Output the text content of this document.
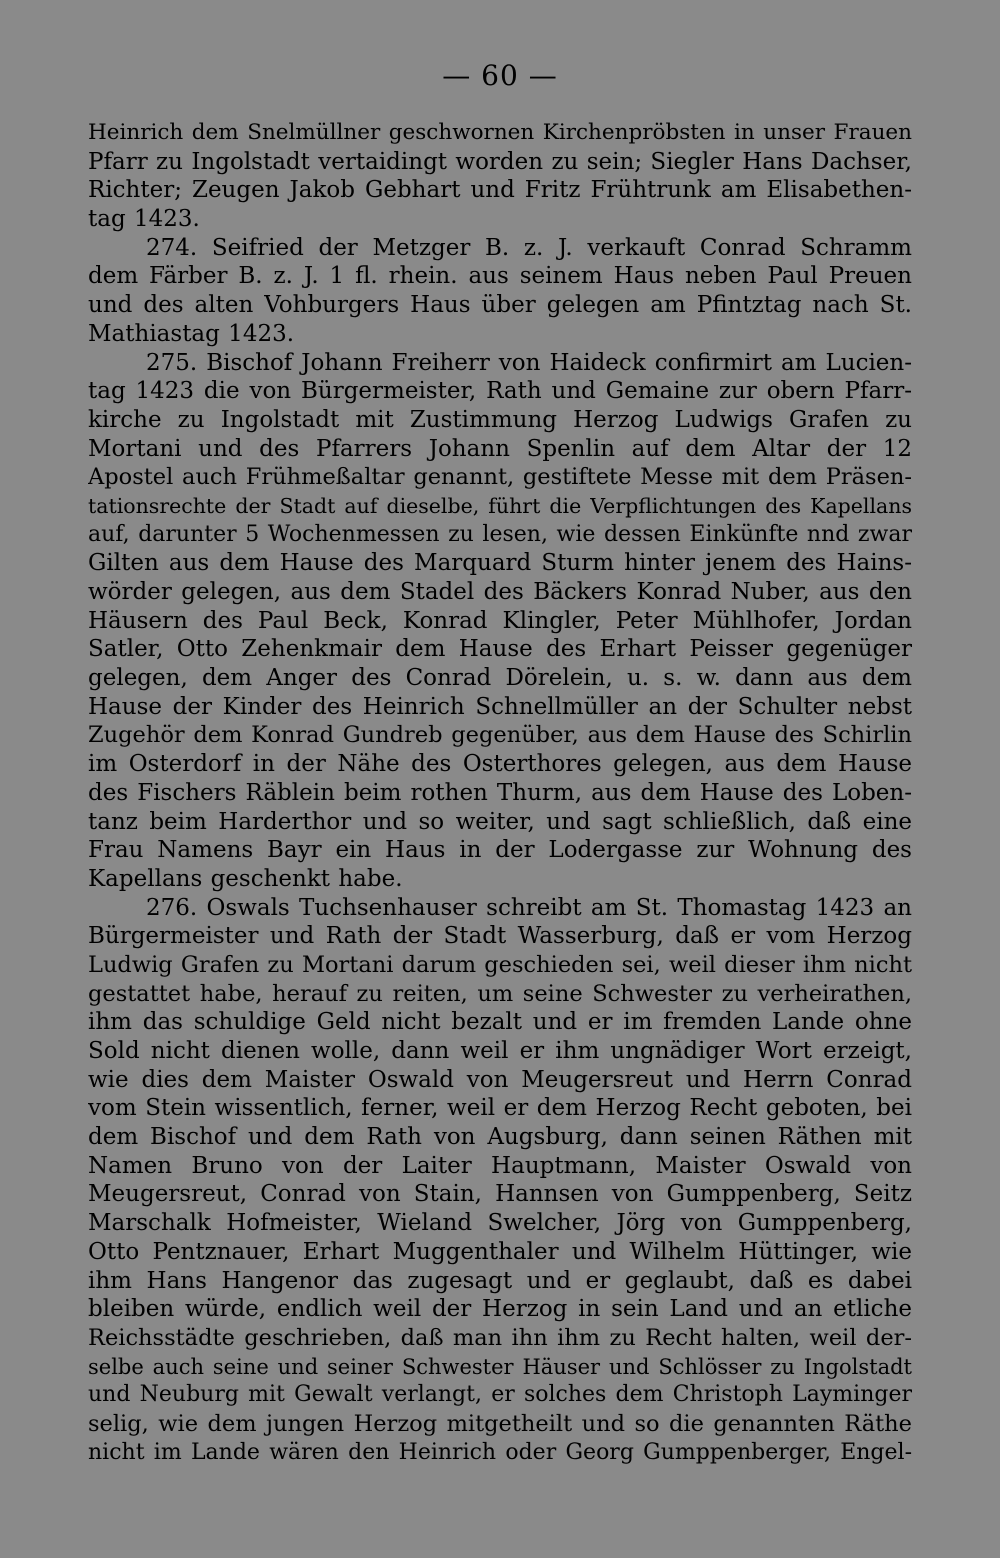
— 60 —
Heinrich dem Snelmüllner geschwornen Kirchenpröbsten in unser Frauen
Pfarr zu Ingolstadt vertaidingt worden zu sein; Siegler Hans Dachser,
Richter; Zeugen Jakob Gebhart und Fritz Frühtrunk am Elisabethen-
tag 1423.
274. Seifried der Metzger B. z. J. verkauft Conrad Schramm
dem Färber B. z. J. 1 fl. rhein. aus seinem Haus neben Paul Preuen
und des alten Vohburgers Haus über gelegen am Pfintztag nach St.
Mathiastag 1423.
275. Bischof Johann Freiherr von Haideck confirmirt am Lucien-
tag 1423 die von Bürgermeister, Rath und Gemaine zur obern Pfarr-
kirche zu Ingolstadt mit Zustimmung Herzog Ludwigs Grafen zu
Mortani und des Pfarrers Johann Spenlin auf dem Altar der 12
Apostel auch Frühmeßaltar genannt, gestiftete Messe mit dem Präsen-
tationsrechte der Stadt auf dieselbe, führt die Verpflichtungen des Kapellans
auf, darunter 5 Wochenmessen zu lesen, wie dessen Einkünfte nnd zwar
Gilten aus dem Hause des Marquard Sturm hinter jenem des Hains-
wörder gelegen, aus dem Stadel des Bäckers Konrad Nuber, aus den
Häusern des Paul Beck, Konrad Klingler, Peter Mühlhofer, Jordan
Satler, Otto Zehenkmair dem Hause des Erhart Peisser gegenüger
gelegen, dem Anger des Conrad Dörelein, u. s. w. dann aus dem
Hause der Kinder des Heinrich Schnellmüller an der Schulter nebst
Zugehör dem Konrad Gundreb gegenüber, aus dem Hause des Schirlin
im Osterdorf in der Nähe des Osterthores gelegen, aus dem Hause
des Fischers Räblein beim rothen Thurm, aus dem Hause des Loben-
tanz beim Harderthor und so weiter, und sagt schließlich, daß eine
Frau Namens Bayr ein Haus in der Lodergasse zur Wohnung des
Kapellans geschenkt habe.
276. Oswals Tuchsenhauser schreibt am St. Thomastag 1423 an
Bürgermeister und Rath der Stadt Wasserburg, daß er vom Herzog
Ludwig Grafen zu Mortani darum geschieden sei, weil dieser ihm nicht
gestattet habe, herauf zu reiten, um seine Schwester zu verheirathen,
ihm das schuldige Geld nicht bezalt und er im fremden Lande ohne
Sold nicht dienen wolle, dann weil er ihm ungnädiger Wort erzeigt,
wie dies dem Maister Oswald von Meugersreut und Herrn Conrad
vom Stein wissentlich, ferner, weil er dem Herzog Recht geboten, bei
dem Bischof und dem Rath von Augsburg, dann seinen Räthen mit
Namen Bruno von der Laiter Hauptmann, Maister Oswald von
Meugersreut, Conrad von Stain, Hannsen von Gumppenberg, Seitz
Marschalk Hofmeister, Wieland Swelcher, Jörg von Gumppenberg,
Otto Pentznauer, Erhart Muggenthaler und Wilhelm Hüttinger, wie
ihm Hans Hangenor das zugesagt und er geglaubt, daß es dabei
bleiben würde, endlich weil der Herzog in sein Land und an etliche
Reichsstädte geschrieben, daß man ihn ihm zu Recht halten, weil der-
selbe auch seine und seiner Schwester Häuser und Schlösser zu Ingolstadt
und Neuburg mit Gewalt verlangt, er solches dem Christoph Layminger
selig, wie dem jungen Herzog mitgetheilt und so die genannten Räthe
nicht im Lande wären den Heinrich oder Georg Gumppenberger, Engel-
